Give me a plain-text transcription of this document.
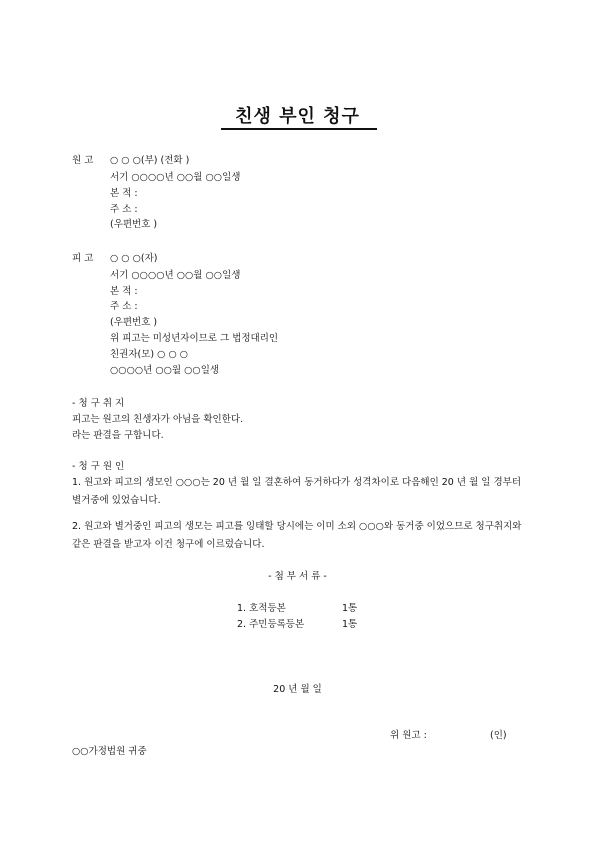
친생 부인 청구
원 고 ○ ○ ○(부) (전화 )
서기 ○○○○년 ○○월 ○○일생
본 적 :
주 소 :
(우편번호 )
피 고 ○ ○ ○(자)
서기 ○○○○년 ○○월 ○○일생
본 적 :
주 소 :
(우편번호 )
위 피고는 미성년자이므로 그 법정대리인
친권자(모) ○ ○ ○
○○○○년 ○○월 ○○일생
- 청 구 취 지
피고는 원고의 친생자가 아님을 확인한다.
라는 판결을 구합니다.
- 청 구 원 인
1. 원고와 피고의 생모인 ○○○는 20 년 월 일 결혼하여 동거하다가 성격차이로 다음해인 20 년 월 일 경부터 별거중에 있었습니다.
2. 원고와 별거중인 피고의 생모는 피고를 잉태할 당시에는 이미 소외 ○○○와 동거중 이었으므로 청구취지와 같은 판결을 받고자 이건 청구에 이르렀습니다.
- 첨 부 서 류 -
1. 호적등본	1통
2. 주민등록등본	1통
20 년 월 일
위 원고 :	(인)
○○가정법원 귀중
